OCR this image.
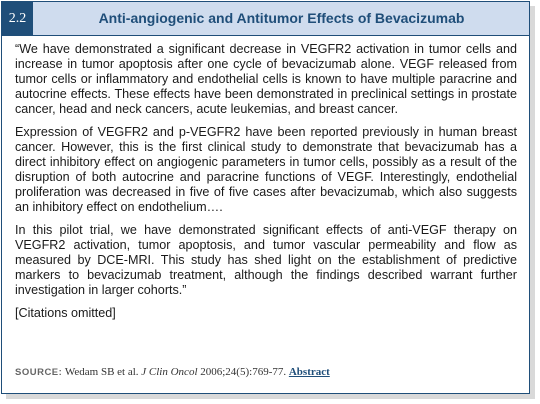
2.2	Anti-angiogenic and Antitumor Effects of Bevacizumab

“We have demonstrated a significant decrease in VEGFR2 activation in tumor cells and increase in tumor apoptosis after one cycle of bevacizumab alone. VEGF released from tumor cells or inflammatory and endothelial cells is known to have multiple paracrine and autocrine effects. These effects have been demonstrated in preclinical settings in prostate cancer, head and neck cancers, acute leukemias, and breast cancer.

Expression of VEGFR2 and p-VEGFR2 have been reported previously in human breast cancer. However, this is the first clinical study to demonstrate that bevacizumab has a direct inhibitory effect on angiogenic parameters in tumor cells, possibly as a result of the disruption of both autocrine and paracrine functions of VEGF. Interestingly, endothelial proliferation was decreased in five of five cases after bevacizumab, which also suggests an inhibitory effect on endothelium….

In this pilot trial, we have demonstrated significant effects of anti-VEGF therapy on VEGFR2 activation, tumor apoptosis, and tumor vascular permeability and flow as measured by DCE-MRI. This study has shed light on the establishment of predictive markers to bevacizumab treatment, although the findings described warrant further investigation in larger cohorts.”

[Citations omitted]

SOURCE: Wedam SB et al. J Clin Oncol 2006;24(5):769-77. Abstract
